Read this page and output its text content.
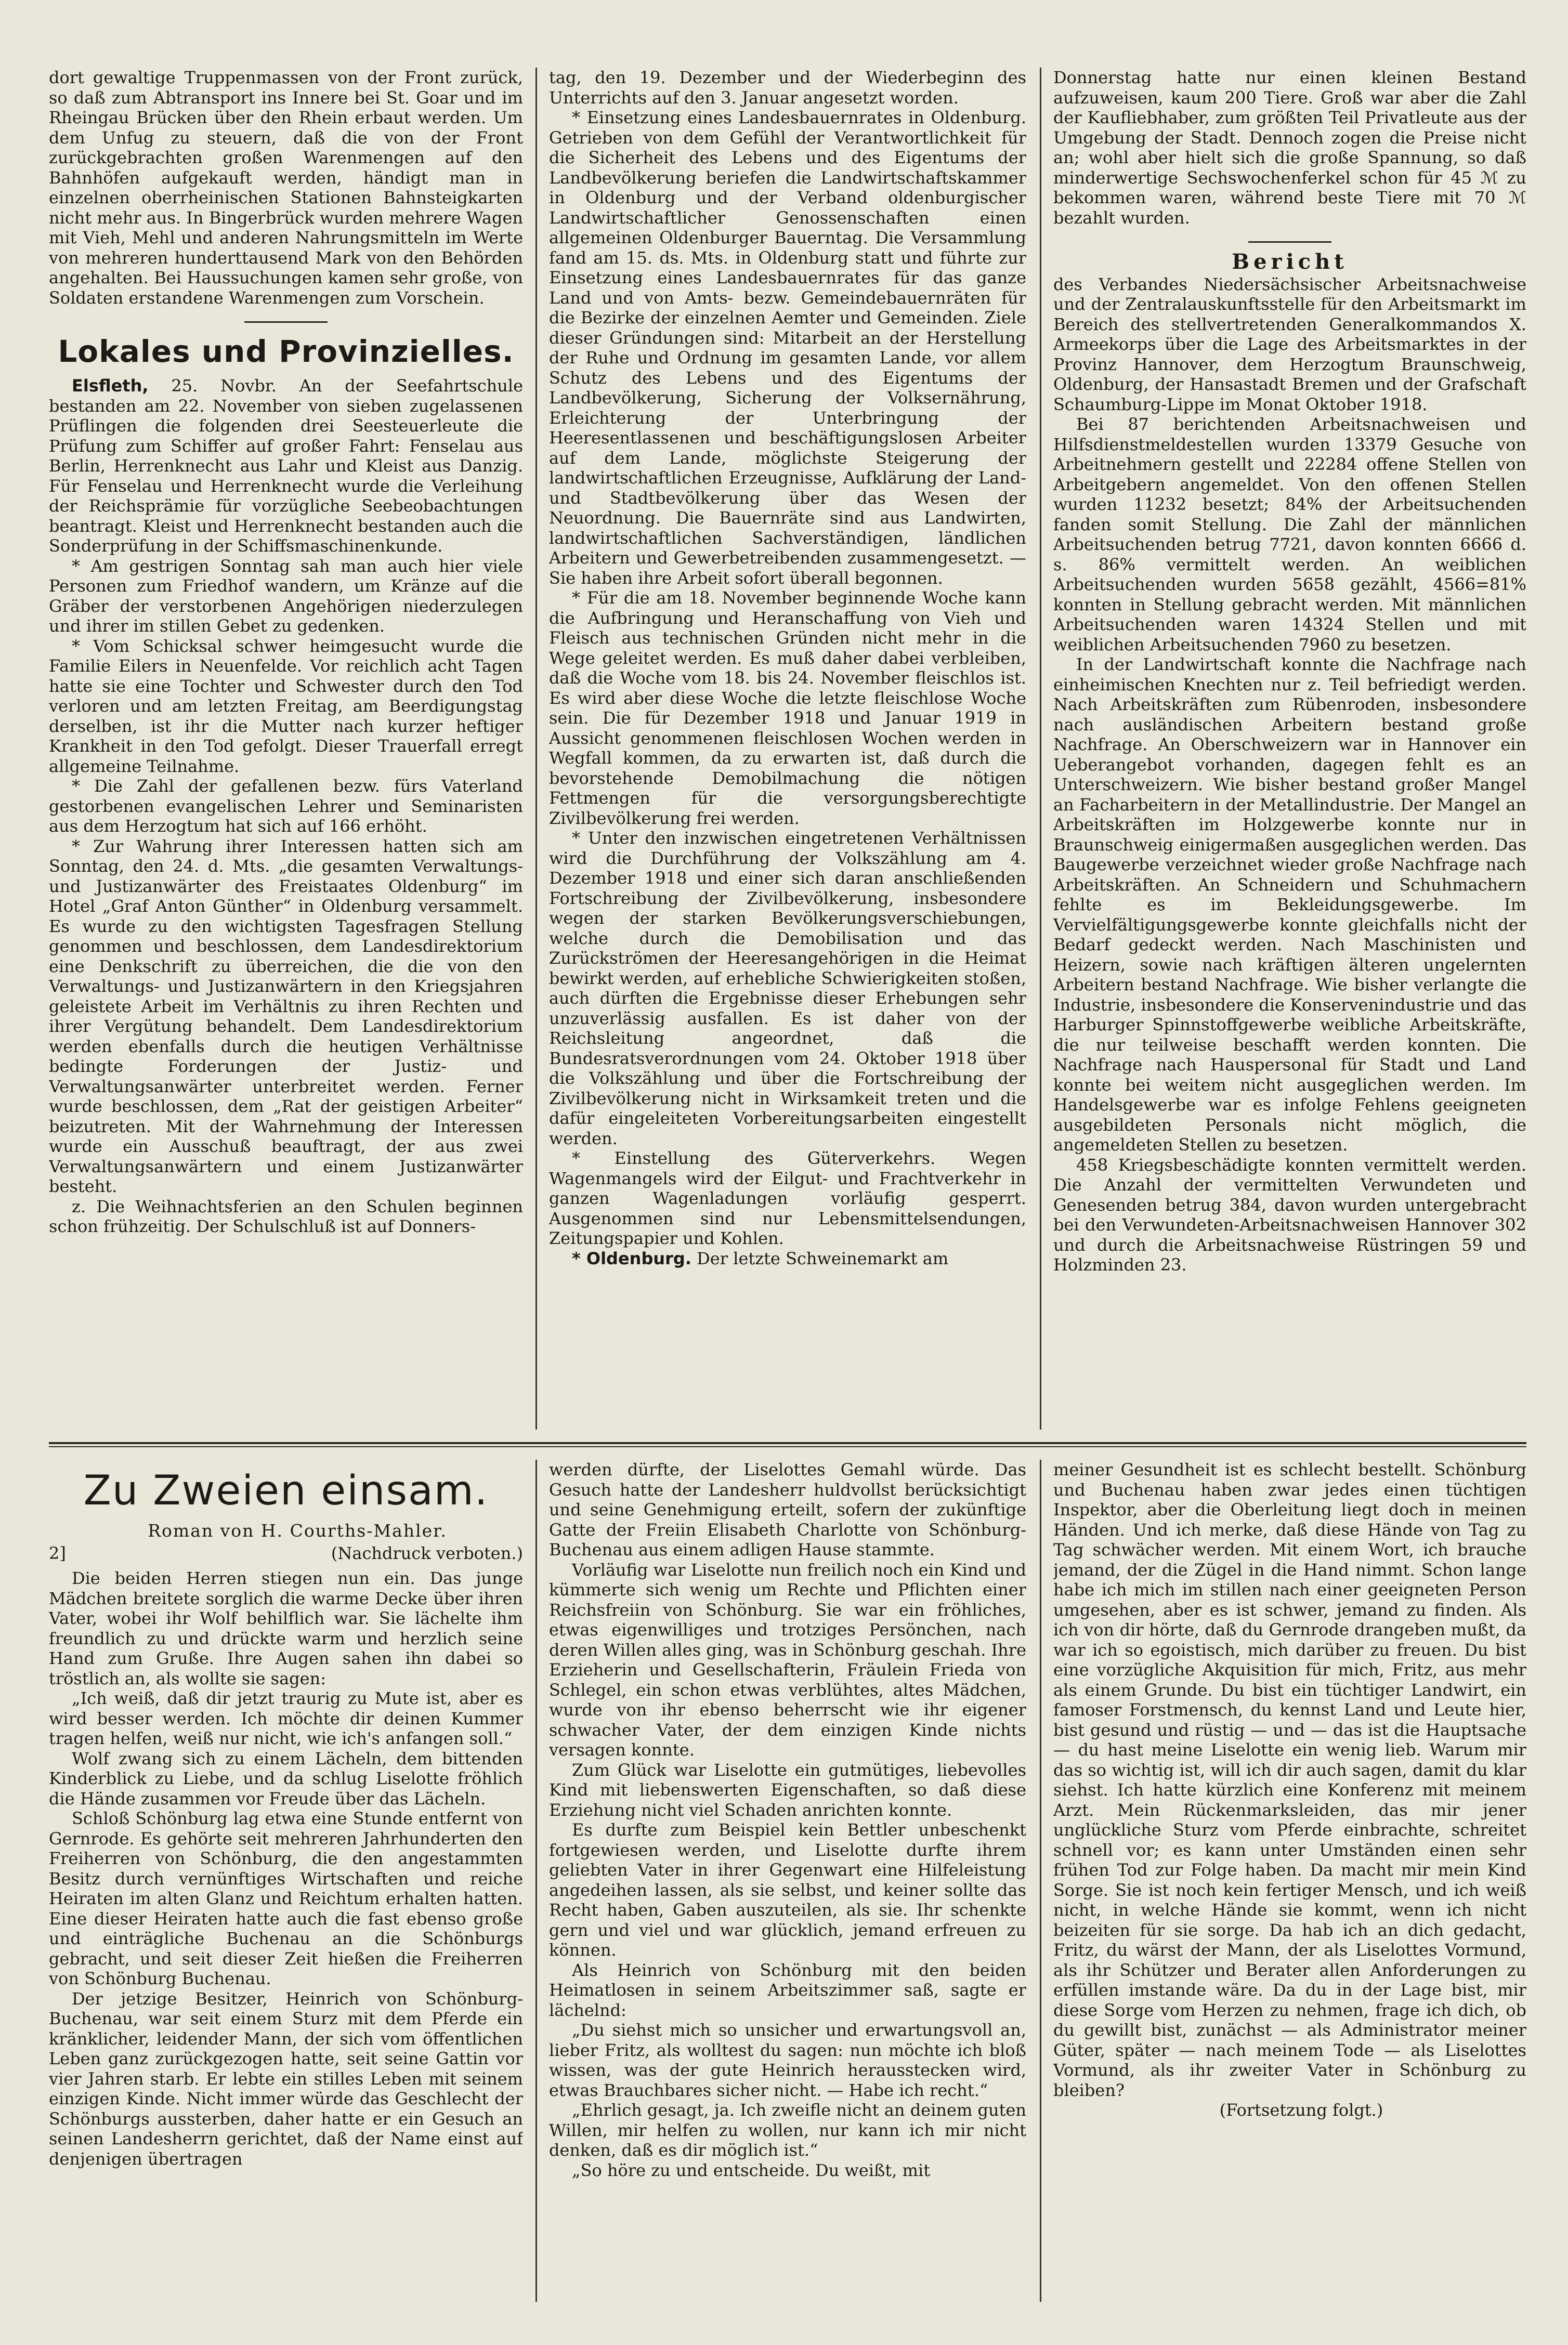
dort gewaltige Truppenmassen von der Front zurück, so daß zum Abtransport ins Innere bei St. Goar und im Rheingau Brücken über den Rhein erbaut werden. Um dem Unfug zu steuern, daß die von der Front zurückgebrachten großen Warenmengen auf den Bahnhöfen aufgekauft werden, händigt man in einzelnen oberrheinischen Stationen Bahnsteigkarten nicht mehr aus. In Bingerbrück wurden mehrere Wagen mit Vieh, Mehl und anderen Nahrungsmitteln im Werte von mehreren hunderttausend Mark von den Behörden angehalten. Bei Haussuchungen kamen sehr große, von Soldaten erstandene Warenmengen zum Vorschein.

Lokales und Provinzielles.

Elsfleth, 25. Novbr. An der Seefahrtschule bestanden am 22. November von sieben zugelassenen Prüflingen die folgenden drei Seesteuerleute die Prüfung zum Schiffer auf großer Fahrt: Fenselau aus Berlin, Herrenknecht aus Lahr und Kleist aus Danzig. Für Fenselau und Herrenknecht wurde die Verleihung der Reichsprämie für vorzügliche Seebeobachtungen beantragt. Kleist und Herrenknecht bestanden auch die Sonderprüfung in der Schiffsmaschinenkunde.

* Am gestrigen Sonntag sah man auch hier viele Personen zum Friedhof wandern, um Kränze auf die Gräber der verstorbenen Angehörigen niederzulegen und ihrer im stillen Gebet zu gedenken.

* Vom Schicksal schwer heimgesucht wurde die Familie Eilers in Neuenfelde. Vor reichlich acht Tagen hatte sie eine Tochter und Schwester durch den Tod verloren und am letzten Freitag, am Beerdigungstag derselben, ist ihr die Mutter nach kurzer heftiger Krankheit in den Tod gefolgt. Dieser Trauerfall erregt allgemeine Teilnahme.

* Die Zahl der gefallenen bezw. fürs Vaterland gestorbenen evangelischen Lehrer und Seminaristen aus dem Herzogtum hat sich auf 166 erhöht.

* Zur Wahrung ihrer Interessen hatten sich am Sonntag, den 24. d. Mts. „die gesamten Verwaltungs- und Justizanwärter des Freistaates Oldenburg“ im Hotel „Graf Anton Günther“ in Oldenburg versammelt. Es wurde zu den wichtigsten Tagesfragen Stellung genommen und beschlossen, dem Landesdirektorium eine Denkschrift zu überreichen, die die von den Verwaltungs- und Justizanwärtern in den Kriegsjahren geleistete Arbeit im Verhältnis zu ihren Rechten und ihrer Vergütung behandelt. Dem Landesdirektorium werden ebenfalls durch die heutigen Verhältnisse bedingte Forderungen der Justiz- und Verwaltungsanwärter unterbreitet werden. Ferner wurde beschlossen, dem „Rat der geistigen Arbeiter“ beizutreten. Mit der Wahrnehmung der Interessen wurde ein Ausschuß beauftragt, der aus zwei Verwaltungsanwärtern und einem Justizanwärter besteht.

z. Die Weihnachtsferien an den Schulen beginnen schon frühzeitig. Der Schulschluß ist auf Donners-

tag, den 19. Dezember und der Wiederbeginn des Unterrichts auf den 3. Januar angesetzt worden.

* Einsetzung eines Landesbauernrates in Oldenburg. Getrieben von dem Gefühl der Verantwortlichkeit für die Sicherheit des Lebens und des Eigentums der Landbevölkerung beriefen die Landwirtschaftskammer in Oldenburg und der Verband oldenburgischer Landwirtschaftlicher Genossenschaften einen allgemeinen Oldenburger Bauerntag. Die Versammlung fand am 15. ds. Mts. in Oldenburg statt und führte zur Einsetzung eines Landesbauernrates für das ganze Land und von Amts- bezw. Gemeindebauernräten für die Bezirke der einzelnen Aemter und Gemeinden. Ziele dieser Gründungen sind: Mitarbeit an der Herstellung der Ruhe und Ordnung im gesamten Lande, vor allem Schutz des Lebens und des Eigentums der Landbevölkerung, Sicherung der Volksernährung, Erleichterung der Unterbringung der Heeresentlassenen und beschäftigungslosen Arbeiter auf dem Lande, möglichste Steigerung der landwirtschaftlichen Erzeugnisse, Aufklärung der Land- und Stadtbevölkerung über das Wesen der Neuordnung. Die Bauernräte sind aus Landwirten, landwirtschaftlichen Sachverständigen, ländlichen Arbeitern und Gewerbetreibenden zusammengesetzt. — Sie haben ihre Arbeit sofort überall begonnen.

* Für die am 18. November beginnende Woche kann die Aufbringung und Heranschaffung von Vieh und Fleisch aus technischen Gründen nicht mehr in die Wege geleitet werden. Es muß daher dabei verbleiben, daß die Woche vom 18. bis 24. November fleischlos ist. Es wird aber diese Woche die letzte fleischlose Woche sein. Die für Dezember 1918 und Januar 1919 in Aussicht genommenen fleischlosen Wochen werden in Wegfall kommen, da zu erwarten ist, daß durch die bevorstehende Demobilmachung die nötigen Fettmengen für die versorgungsberechtigte Zivilbevölkerung frei werden.

* Unter den inzwischen eingetretenen Verhältnissen wird die Durchführung der Volkszählung am 4. Dezember 1918 und einer sich daran anschließenden Fortschreibung der Zivilbevölkerung, insbesondere wegen der starken Bevölkerungsverschiebungen, welche durch die Demobilisation und das Zurückströmen der Heeresangehörigen in die Heimat bewirkt werden, auf erhebliche Schwierigkeiten stoßen, auch dürften die Ergebnisse dieser Erhebungen sehr unzuverlässig ausfallen. Es ist daher von der Reichsleitung angeordnet, daß die Bundesratsverordnungen vom 24. Oktober 1918 über die Volkszählung und über die Fortschreibung der Zivilbevölkerung nicht in Wirksamkeit treten und die dafür eingeleiteten Vorbereitungsarbeiten eingestellt werden.

* Einstellung des Güterverkehrs. Wegen Wagenmangels wird der Eilgut- und Frachtverkehr in ganzen Wagenladungen vorläufig gesperrt. Ausgenommen sind nur Lebensmittelsendungen, Zeitungspapier und Kohlen.

* Oldenburg. Der letzte Schweinemarkt am

Donnerstag hatte nur einen kleinen Bestand aufzuweisen, kaum 200 Tiere. Groß war aber die Zahl der Kaufliebhaber, zum größten Teil Privatleute aus der Umgebung der Stadt. Dennoch zogen die Preise nicht an; wohl aber hielt sich die große Spannung, so daß minderwertige Sechswochenferkel schon für 45 ℳ zu bekommen waren, während beste Tiere mit 70 ℳ bezahlt wurden.

Bericht

des Verbandes Niedersächsischer Arbeitsnachweise und der Zentralauskunftsstelle für den Arbeitsmarkt im Bereich des stellvertretenden Generalkommandos X. Armeekorps über die Lage des Arbeitsmarktes in der Provinz Hannover, dem Herzogtum Braunschweig, Oldenburg, der Hansastadt Bremen und der Grafschaft Schaumburg-Lippe im Monat Oktober 1918.

Bei 87 berichtenden Arbeitsnachweisen und Hilfsdienstmeldestellen wurden 13379 Gesuche von Arbeitnehmern gestellt und 22284 offene Stellen von Arbeitgebern angemeldet. Von den offenen Stellen wurden 11232 besetzt; 84% der Arbeitsuchenden fanden somit Stellung. Die Zahl der männlichen Arbeitsuchenden betrug 7721, davon konnten 6666 d. s. 86% vermittelt werden. An weiblichen Arbeitsuchenden wurden 5658 gezählt, 4566=81% konnten in Stellung gebracht werden. Mit männlichen Arbeitsuchenden waren 14324 Stellen und mit weiblichen Arbeitsuchenden 7960 zu besetzen.

In der Landwirtschaft konnte die Nachfrage nach einheimischen Knechten nur z. Teil befriedigt werden. Nach Arbeitskräften zum Rübenroden, insbesondere nach ausländischen Arbeitern bestand große Nachfrage. An Oberschweizern war in Hannover ein Ueberangebot vorhanden, dagegen fehlt es an Unterschweizern. Wie bisher bestand großer Mangel an Facharbeitern in der Metallindustrie. Der Mangel an Arbeitskräften im Holzgewerbe konnte nur in Braunschweig einigermaßen ausgeglichen werden. Das Baugewerbe verzeichnet wieder große Nachfrage nach Arbeitskräften. An Schneidern und Schuhmachern fehlte es im Bekleidungsgewerbe. Im Vervielfältigungsgewerbe konnte gleichfalls nicht der Bedarf gedeckt werden. Nach Maschinisten und Heizern, sowie nach kräftigen älteren ungelernten Arbeitern bestand Nachfrage. Wie bisher verlangte die Industrie, insbesondere die Konservenindustrie und das Harburger Spinnstoffgewerbe weibliche Arbeitskräfte, die nur teilweise beschafft werden konnten. Die Nachfrage nach Hauspersonal für Stadt und Land konnte bei weitem nicht ausgeglichen werden. Im Handelsgewerbe war es infolge Fehlens geeigneten ausgebildeten Personals nicht möglich, die angemeldeten Stellen zu besetzen.

458 Kriegsbeschädigte konnten vermittelt werden. Die Anzahl der vermittelten Verwundeten und Genesenden betrug 384, davon wurden untergebracht bei den Verwundeten-Arbeitsnachweisen Hannover 302 und durch die Arbeitsnachweise Rüstringen 59 und Holzminden 23.

Zu Zweien einsam.

Roman von H. Courths-Mahler.

2]	(Nachdruck verboten.)

Die beiden Herren stiegen nun ein. Das junge Mädchen breitete sorglich die warme Decke über ihren Vater, wobei ihr Wolf behilflich war. Sie lächelte ihm freundlich zu und drückte warm und herzlich seine Hand zum Gruße. Ihre Augen sahen ihn dabei so tröstlich an, als wollte sie sagen:

„Ich weiß, daß dir jetzt traurig zu Mute ist, aber es wird besser werden. Ich möchte dir deinen Kummer tragen helfen, weiß nur nicht, wie ich's anfangen soll.“

Wolf zwang sich zu einem Lächeln, dem bittenden Kinderblick zu Liebe, und da schlug Liselotte fröhlich die Hände zusammen vor Freude über das Lächeln.

Schloß Schönburg lag etwa eine Stunde entfernt von Gernrode. Es gehörte seit mehreren Jahrhunderten den Freiherren von Schönburg, die den angestammten Besitz durch vernünftiges Wirtschaften und reiche Heiraten im alten Glanz und Reichtum erhalten hatten. Eine dieser Heiraten hatte auch die fast ebenso große und einträgliche Buchenau an die Schönburgs gebracht, und seit dieser Zeit hießen die Freiherren von Schönburg Buchenau.

Der jetzige Besitzer, Heinrich von Schönburg-Buchenau, war seit einem Sturz mit dem Pferde ein kränklicher, leidender Mann, der sich vom öffentlichen Leben ganz zurückgezogen hatte, seit seine Gattin vor vier Jahren starb. Er lebte ein stilles Leben mit seinem einzigen Kinde. Nicht immer würde das Geschlecht der Schönburgs aussterben, daher hatte er ein Gesuch an seinen Landesherrn gerichtet, daß der Name einst auf denjenigen übertragen

werden dürfte, der Liselottes Gemahl würde. Das Gesuch hatte der Landesherr huldvollst berücksichtigt und seine Genehmigung erteilt, sofern der zukünftige Gatte der Freiin Elisabeth Charlotte von Schönburg-Buchenau aus einem adligen Hause stammte.

Vorläufig war Liselotte nun freilich noch ein Kind und kümmerte sich wenig um Rechte und Pflichten einer Reichsfreiin von Schönburg. Sie war ein fröhliches, etwas eigenwilliges und trotziges Persönchen, nach deren Willen alles ging, was in Schönburg geschah. Ihre Erzieherin und Gesellschafterin, Fräulein Frieda von Schlegel, ein schon etwas verblühtes, altes Mädchen, wurde von ihr ebenso beherrscht wie ihr eigener schwacher Vater, der dem einzigen Kinde nichts versagen konnte.

Zum Glück war Liselotte ein gutmütiges, liebevolles Kind mit liebenswerten Eigenschaften, so daß diese Erziehung nicht viel Schaden anrichten konnte.

Es durfte zum Beispiel kein Bettler unbeschenkt fortgewiesen werden, und Liselotte durfte ihrem geliebten Vater in ihrer Gegenwart eine Hilfeleistung angedeihen lassen, als sie selbst, und keiner sollte das Recht haben, Gaben auszuteilen, als sie. Ihr schenkte gern und viel und war glücklich, jemand erfreuen zu können.

Als Heinrich von Schönburg mit den beiden Heimatlosen in seinem Arbeitszimmer saß, sagte er lächelnd:

„Du siehst mich so unsicher und erwartungsvoll an, lieber Fritz, als wolltest du sagen: nun möchte ich bloß wissen, was der gute Heinrich herausstecken wird, etwas Brauchbares sicher nicht. — Habe ich recht.“

„Ehrlich gesagt, ja. Ich zweifle nicht an deinem guten Willen, mir helfen zu wollen, nur kann ich mir nicht denken, daß es dir möglich ist.“

„So höre zu und entscheide. Du weißt, mit

meiner Gesundheit ist es schlecht bestellt. Schönburg und Buchenau haben zwar jedes einen tüchtigen Inspektor, aber die Oberleitung liegt doch in meinen Händen. Und ich merke, daß diese Hände von Tag zu Tag schwächer werden. Mit einem Wort, ich brauche jemand, der die Zügel in die Hand nimmt. Schon lange habe ich mich im stillen nach einer geeigneten Person umgesehen, aber es ist schwer, jemand zu finden. Als ich von dir hörte, daß du Gernrode drangeben mußt, da war ich so egoistisch, mich darüber zu freuen. Du bist eine vorzügliche Akquisition für mich, Fritz, aus mehr als einem Grunde. Du bist ein tüchtiger Landwirt, ein famoser Forstmensch, du kennst Land und Leute hier, bist gesund und rüstig — und — das ist die Hauptsache — du hast meine Liselotte ein wenig lieb. Warum mir das so wichtig ist, will ich dir auch sagen, damit du klar siehst. Ich hatte kürzlich eine Konferenz mit meinem Arzt. Mein Rückenmarksleiden, das mir jener unglückliche Sturz vom Pferde einbrachte, schreitet schnell vor; es kann unter Umständen einen sehr frühen Tod zur Folge haben. Da macht mir mein Kind Sorge. Sie ist noch kein fertiger Mensch, und ich weiß nicht, in welche Hände sie kommt, wenn ich nicht beizeiten für sie sorge. Da hab ich an dich gedacht, Fritz, du wärst der Mann, der als Liselottes Vormund, als ihr Schützer und Berater allen Anforderungen zu erfüllen imstande wäre. Da du in der Lage bist, mir diese Sorge vom Herzen zu nehmen, frage ich dich, ob du gewillt bist, zunächst — als Administrator meiner Güter, später — nach meinem Tode — als Liselottes Vormund, als ihr zweiter Vater in Schönburg zu bleiben?

(Fortsetzung folgt.)
